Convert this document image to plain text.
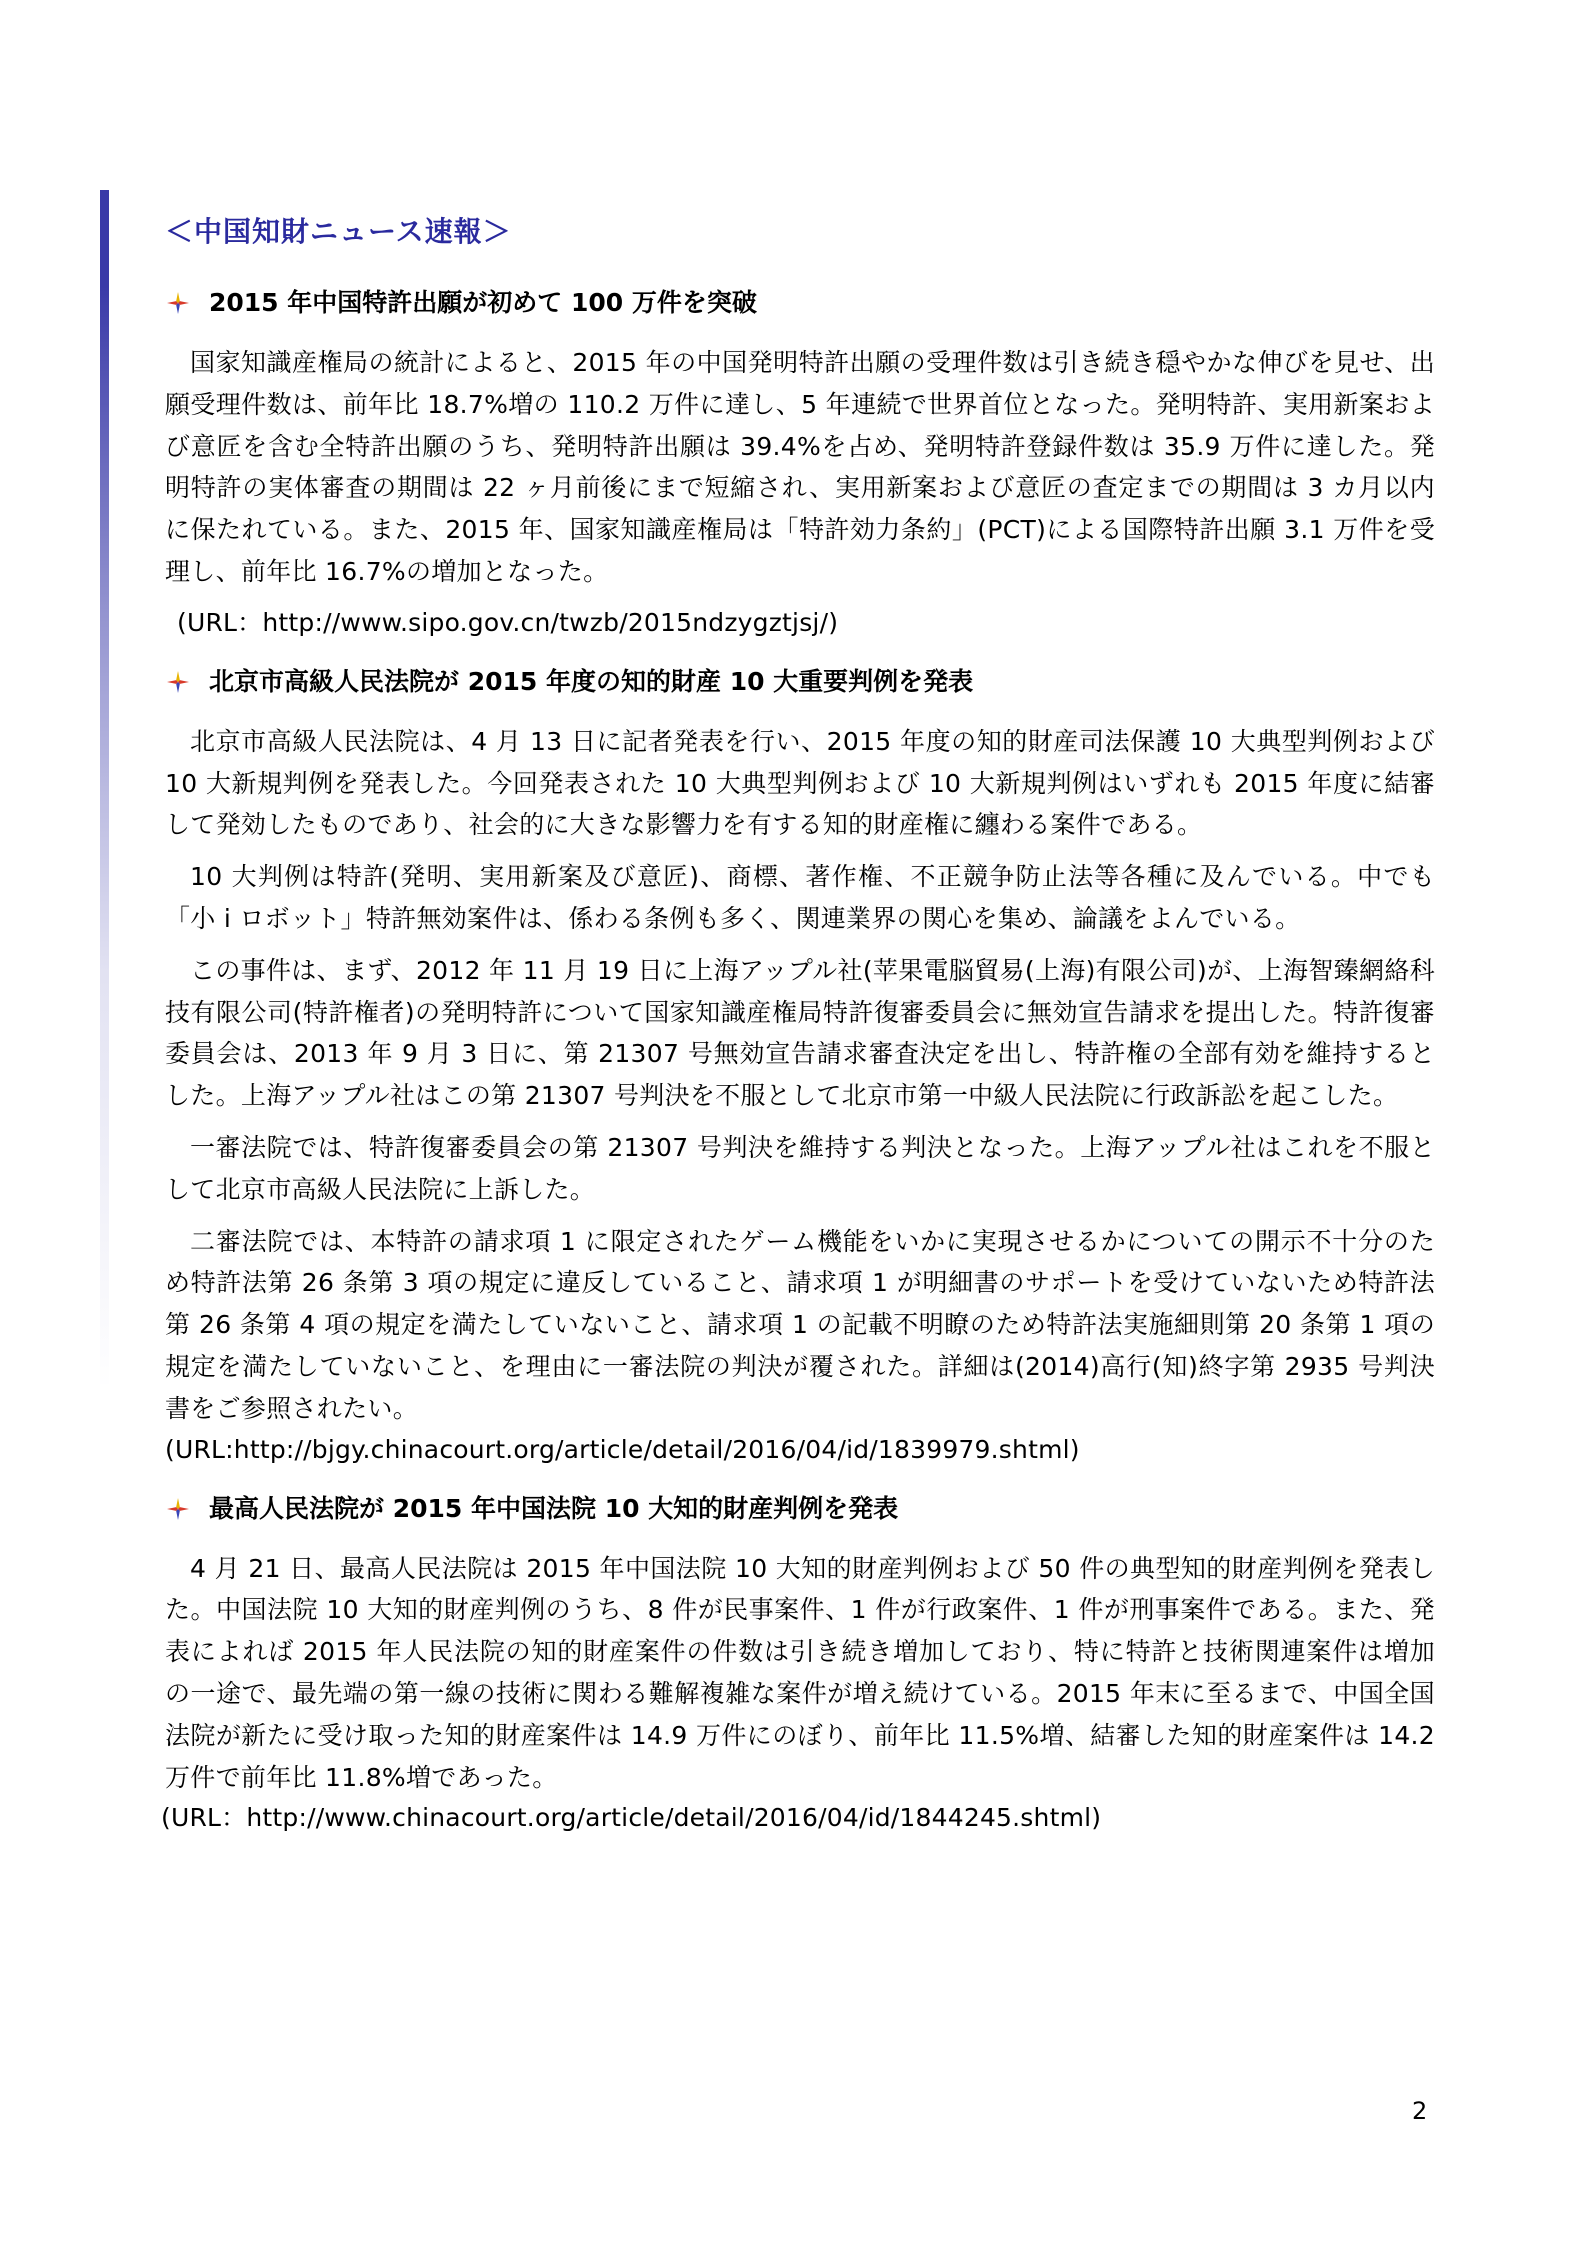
＜中国知財ニュース速報＞
2015 年中国特許出願が初めて 100 万件を突破

国家知識産権局の統計によると、2015 年の中国発明特許出願の受理件数は引き続き穏やかな伸びを見せ、出願受理件数は、前年比 18.7%増の 110.2 万件に達し、5 年連続で世界首位となった。発明特許、実用新案および意匠を含む全特許出願のうち、発明特許出願は 39.4%を占め、発明特許登録件数は 35.9 万件に達した。発明特許の実体審査の期間は 22 ヶ月前後にまで短縮され、実用新案および意匠の査定までの期間は 3 カ月以内に保たれている。また、2015 年、国家知識産権局は「特許効力条約」(PCT)による国際特許出願 3.1 万件を受理し、前年比 16.7%の増加となった。

(URL：http://www.sipo.gov.cn/twzb/2015ndzygztjsj/)
北京市高級人民法院が 2015 年度の知的財産 10 大重要判例を発表

北京市高級人民法院は、4 月 13 日に記者発表を行い、2015 年度の知的財産司法保護 10 大典型判例および 10 大新規判例を発表した。今回発表された 10 大典型判例および 10 大新規判例はいずれも 2015 年度に結審して発効したものであり、社会的に大きな影響力を有する知的財産権に纏わる案件である。

10 大判例は特許(発明、実用新案及び意匠)、商標、著作権、不正競争防止法等各種に及んでいる。中でも「小 i ロボット」特許無効案件は、係わる条例も多く、関連業界の関心を集め、論議をよんでいる。

この事件は、まず、2012 年 11 月 19 日に上海アップル社(苹果電脳貿易(上海)有限公司)が、上海智臻網絡科技有限公司(特許権者)の発明特許について国家知識産権局特許復審委員会に無効宣告請求を提出した。特許復審委員会は、2013 年 9 月 3 日に、第 21307 号無効宣告請求審査決定を出し、特許権の全部有効を維持するとした。上海アップル社はこの第 21307 号判決を不服として北京市第一中級人民法院に行政訴訟を起こした。

一審法院では、特許復審委員会の第 21307 号判決を維持する判決となった。上海アップル社はこれを不服として北京市高級人民法院に上訴した。

二審法院では、本特許の請求項 1 に限定されたゲーム機能をいかに実現させるかについての開示不十分のため特許法第 26 条第 3 項の規定に違反していること、請求項 1 が明細書のサポートを受けていないため特許法第 26 条第 4 項の規定を満たしていないこと、請求項 1 の記載不明瞭のため特許法実施細則第 20 条第 1 項の規定を満たしていないこと、を理由に一審法院の判決が覆された。詳細は(2014)高行(知)終字第 2935 号判決書をご参照されたい。

(URL:http://bjgy.chinacourt.org/article/detail/2016/04/id/1839979.shtml)
最高人民法院が 2015 年中国法院 10 大知的財産判例を発表

4 月 21 日、最高人民法院は 2015 年中国法院 10 大知的財産判例および 50 件の典型知的財産判例を発表した。中国法院 10 大知的財産判例のうち、8 件が民事案件、1 件が行政案件、1 件が刑事案件である。また、発表によれば 2015 年人民法院の知的財産案件の件数は引き続き増加しており、特に特許と技術関連案件は増加の一途で、最先端の第一線の技術に関わる難解複雑な案件が増え続けている。2015 年末に至るまで、中国全国法院が新たに受け取った知的財産案件は 14.9 万件にのぼり、前年比 11.5%増、結審した知的財産案件は 14.2 万件で前年比 11.8%増であった。

(URL：http://www.chinacourt.org/article/detail/2016/04/id/1844245.shtml)
2
